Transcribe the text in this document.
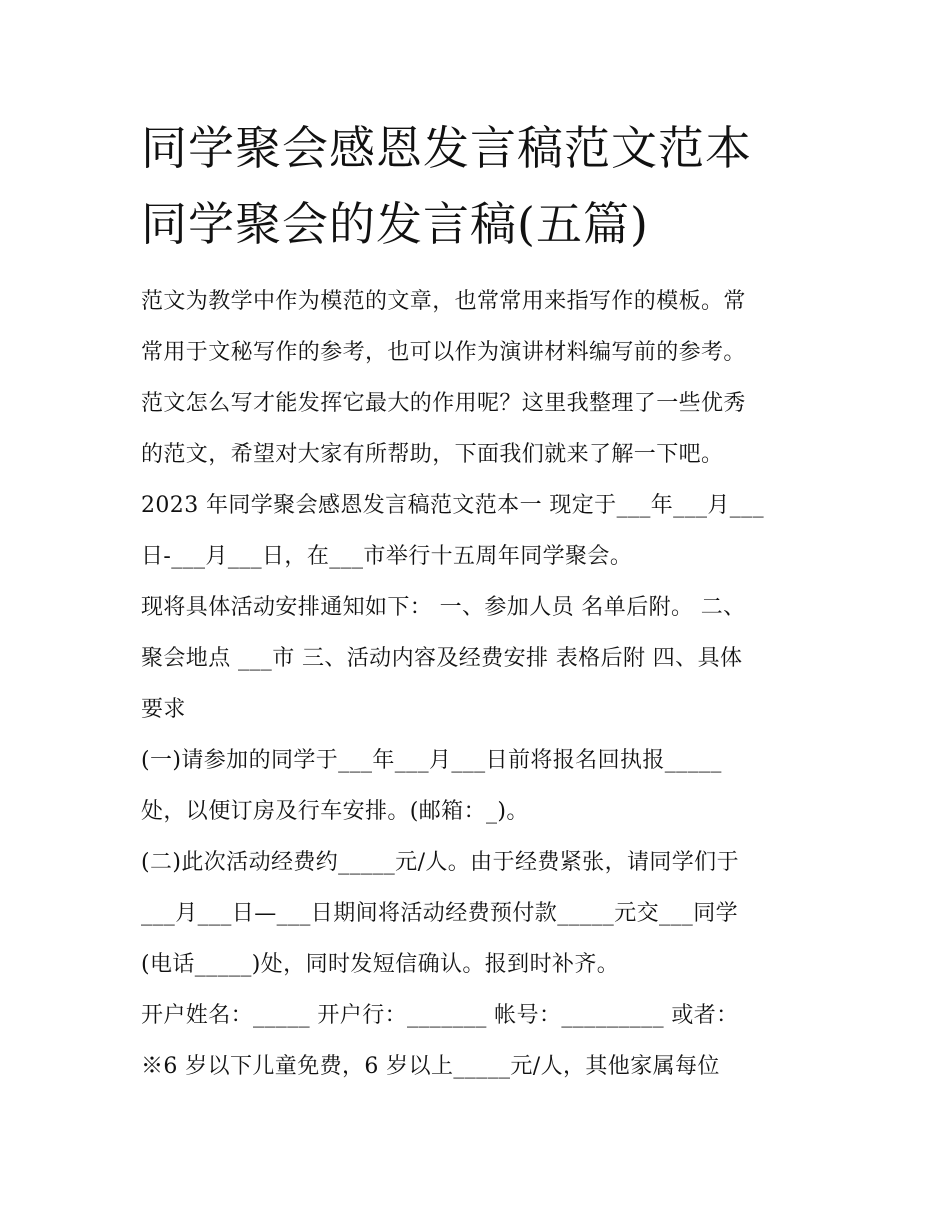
同学聚会感恩发言稿范文范本
同学聚会的发言稿(五篇)
范文为教学中作为模范的文章，也常常用来指写作的模板。常
常用于文秘写作的参考，也可以作为演讲材料编写前的参考。
范文怎么写才能发挥它最大的作用呢？这里我整理了一些优秀
的范文，希望对大家有所帮助，下面我们就来了解一下吧。
2023 年同学聚会感恩发言稿范文范本一 现定于___年___月___
日-___月___日，在___市举行十五周年同学聚会。
现将具体活动安排通知如下： 一、参加人员 名单后附。 二、
聚会地点 ___市 三、活动内容及经费安排 表格后附 四、具体
要求
(一)请参加的同学于___年___月___日前将报名回执报_____
处，以便订房及行车安排。(邮箱：_)。
(二)此次活动经费约_____元/人。由于经费紧张，请同学们于
___月___日—___日期间将活动经费预付款_____元交___同学
(电话_____)处，同时发短信确认。报到时补齐。
开户姓名：_____ 开户行：_______ 帐号：_________ 或者：
※6 岁以下儿童免费，6 岁以上_____元/人，其他家属每位
